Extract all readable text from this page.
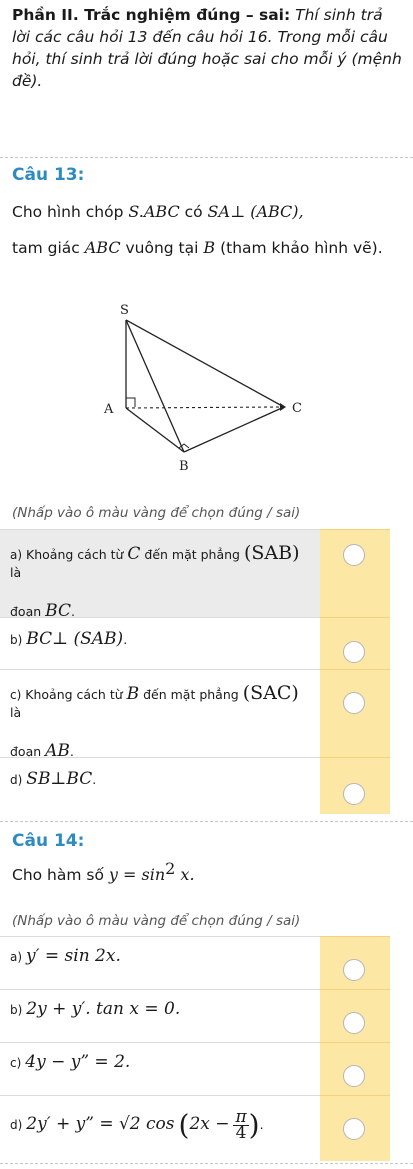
Phần II. Trắc nghiệm đúng – sai: Thí sinh trả lời các câu hỏi 13 đến câu hỏi 16. Trong mỗi câu hỏi, thí sinh trả lời đúng hoặc sai cho mỗi ý (mệnh đề).
Câu 13:
Cho hình chóp S.ABC có SA⊥ (ABC),
tam giác ABC vuông tại B (tham khảo hình vẽ).
S
A
B
C
(Nhấp vào ô màu vàng để chọn đúng / sai)
a) Khoảng cách từ C đến mặt phẳng (SAB) là
đoạn BC.
b) BC⊥ (SAB).
c) Khoảng cách từ B đến mặt phẳng (SAC) là
đoạn AB.
d) SB⊥BC.
Câu 14:
Cho hàm số $y = \sin^2 x$.
(Nhấp vào ô màu vàng để chọn đúng / sai)
a) y′ = sin 2x.
b) 2y + y′. tan x = 0.
c) 4y − y” = 2.
d) 2y′ + y” = √2 $\cos (2x - \frac{\pi}{4}$ ).
